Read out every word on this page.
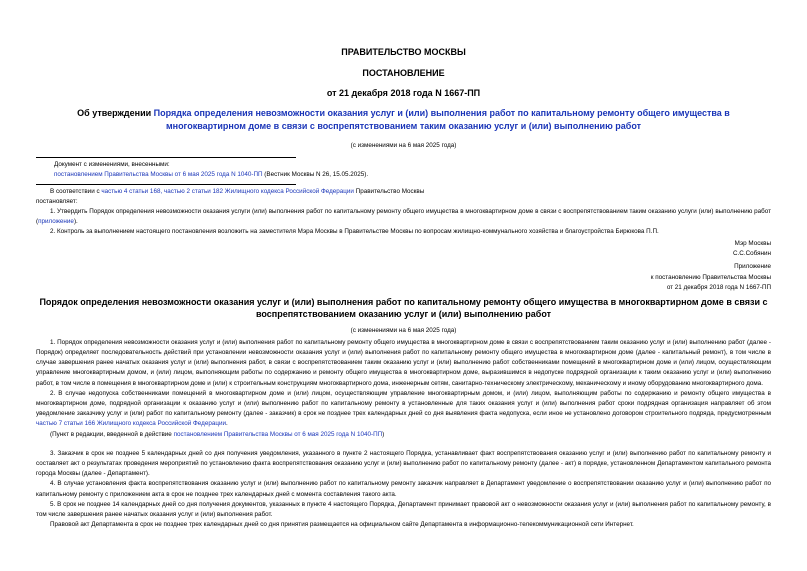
ПРАВИТЕЛЬСТВО МОСКВЫ
ПОСТАНОВЛЕНИЕ
от 21 декабря 2018 года N 1667-ПП
Об утверждении Порядка определения невозможности оказания услуг и (или) выполнения работ по капитальному ремонту общего имущества в многоквартирном доме в связи с воспрепятствованием таким оказанию услуг и (или) выполнению работ
(с изменениями на 6 мая 2025 года)
Документ с изменениями, внесенными:
постановлением Правительства Москвы от 6 мая 2025 года N 1040-ПП (Вестник Москвы N 26, 15.05.2025).
В соответствии с частью 4 статьи 168, частью 2 статьи 182 Жилищного кодекса Российской Федерации Правительство Москвы
постановляет:
1. Утвердить Порядок определения невозможности оказания услуги (или) выполнения работ по капитальному ремонту общего имущества в многоквартирном доме в связи с воспрепятствованием таким оказанию услуги (или) выполнению работ (приложение).
2. Контроль за выполнением настоящего постановления возложить на заместителя Мэра Москвы в Правительстве Москвы по вопросам жилищно-коммунального хозяйства и благоустройства Бирюкова П.П.
Мэр Москвы
С.С.Собянин
Приложение
к постановлению Правительства Москвы
от 21 декабря 2018 года N 1667-ПП
Порядок определения невозможности оказания услуг и (или) выполнения работ по капитальному ремонту общего имущества в многоквартирном доме в связи с воспрепятствованием оказанию услуг и (или) выполнению работ
(с изменениями на 6 мая 2025 года)
1. Порядок определения невозможности оказания услуг и (или) выполнения работ по капитальному ремонту общего имущества в многоквартирном доме в связи с воспрепятствованием таким оказанию услуг и (или) выполнению работ (далее - Порядок) определяет последовательность действий при установлении невозможности оказания услуг и (или) выполнения работ по капитальному ремонту общего имущества в многоквартирном доме (далее - капитальный ремонт), в том числе в случае завершения ранее начатых оказания услуг и (или) выполнения работ, в связи с воспрепятствованием таким оказанию услуг и (или) выполнению работ собственниками помещений в многоквартирном доме и (или) лицом, осуществляющим управление многоквартирным домом, и (или) лицом, выполняющим работы по содержанию и ремонту общего имущества в многоквартирном доме, выразившимся в недопуске подрядной организации к таким оказанию услуг и (или) выполнению работ, в том числе в помещения в многоквартирном доме и (или) к строительным конструкциям многоквартирного дома, инженерным сетям, санитарно-техническому электрическому, механическому и иному оборудованию многоквартирного дома.
2. В случае недопуска собственниками помещений в многоквартирном доме и (или) лицом, осуществляющим управление многоквартирным домом, и (или) лицом, выполняющим работы по содержанию и ремонту общего имущества в многоквартирном доме, подрядной организации к оказанию услуг и (или) выполнению работ по капитальному ремонту в установленные для таких оказания услуг и (или) выполнения работ сроки подрядная организация направляет об этом уведомление заказчику услуг и (или) работ по капитальному ремонту (далее - заказчик) в срок не позднее трех календарных дней со дня выявления факта недопуска, если иное не установлено договором строительного подряда, предусмотренным частью 7 статьи 166 Жилищного кодекса Российской Федерации.
(Пункт в редакции, введенной в действие постановлением Правительства Москвы от 6 мая 2025 года N 1040-ПП)
3. Заказчик в срок не позднее 5 календарных дней со дня получения уведомления, указанного в пункте 2 настоящего Порядка, устанавливает факт воспрепятствования оказанию услуг и (или) выполнению работ по капитальному ремонту и составляет акт о результатах проведения мероприятий по установлению факта воспрепятствования оказанию услуг и (или) выполнению работ по капитальному ремонту (далее - акт) в порядке, установленном Департаментом капитального ремонта города Москвы (далее - Департамент).
4. В случае установления факта воспрепятствования оказанию услуг и (или) выполнению работ по капитальному ремонту заказчик направляет в Департамент уведомление о воспрепятствовании оказанию услуг и (или) выполнению работ по капитальному ремонту с приложением акта в срок не позднее трех календарных дней с момента составления такого акта.
5. В срок не позднее 14 календарных дней со дня получения документов, указанных в пункте 4 настоящего Порядка, Департамент принимает правовой акт о невозможности оказания услуг и (или) выполнения работ по капитальному ремонту, в том числе завершения ранее начатых оказания услуг и (или) выполнения работ.
Правовой акт Департамента в срок не позднее трех календарных дней со дня принятия размещается на официальном сайте Департамента в информационно-телекоммуникационной сети Интернет.
